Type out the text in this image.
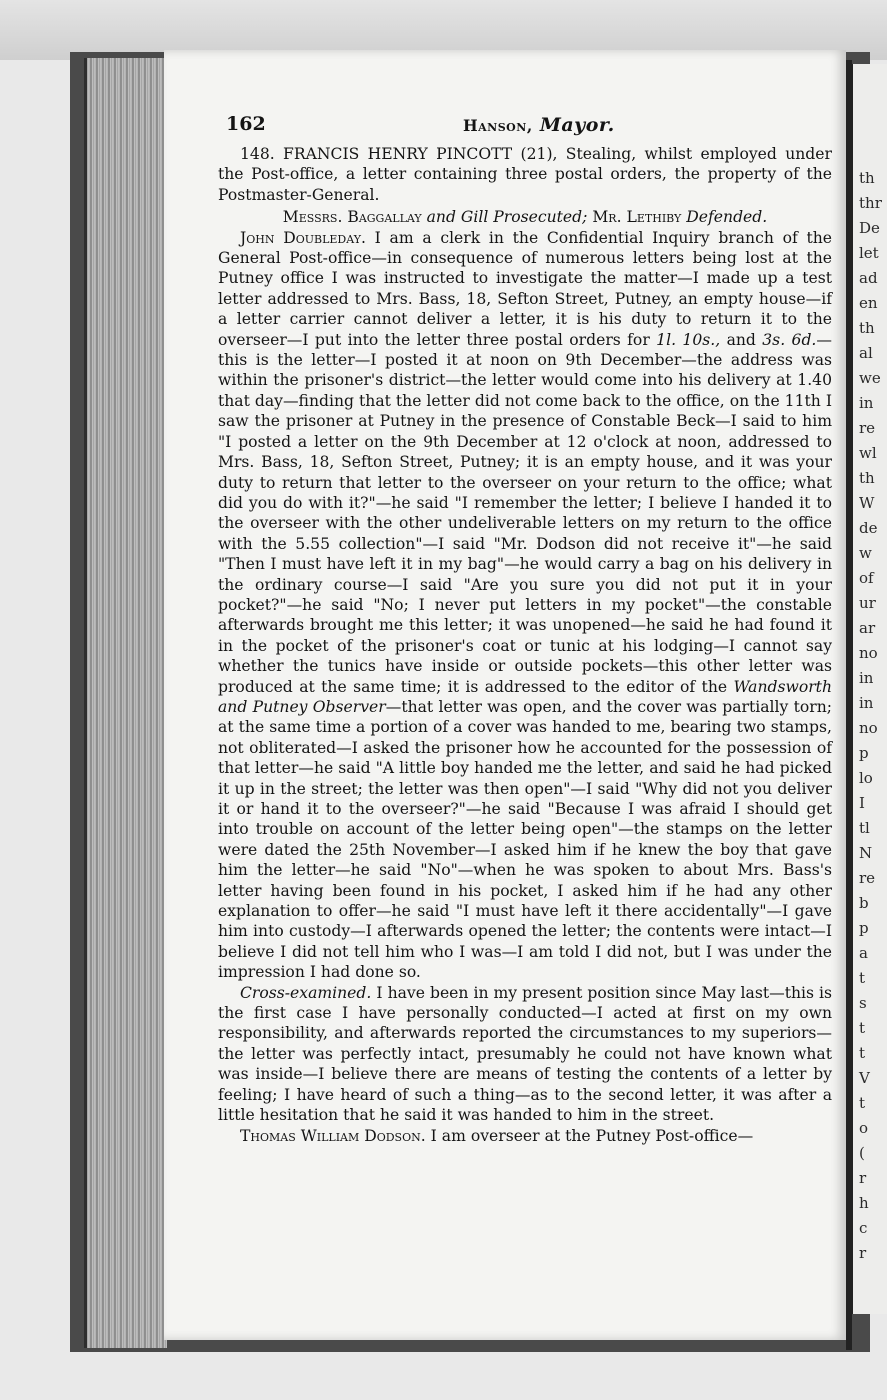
th
thr
De
let
ad
en
th
al
we
in
re
wl
th
W
de
w
of
ur
ar
no
in
in
no
p
lo
I
tl
N
re
b
p
a
t
s
t
t
V
t
o
(
r
h
c
r
162	Hanson, Mayor.

148. FRANCIS HENRY PINCOTT (21), Stealing, whilst employed under the Post-office, a letter containing three postal orders, the property of the Postmaster-General.

Messrs. Baggallay and Gill Prosecuted; Mr. Lethiby Defended.

John Doubleday. I am a clerk in the Confidential Inquiry branch of the General Post-office—in consequence of numerous letters being lost at the Putney office I was instructed to investigate the matter—I made up a test letter addressed to Mrs. Bass, 18, Sefton Street, Putney, an empty house—if a letter carrier cannot deliver a letter, it is his duty to return it to the overseer—I put into the letter three postal orders for 1l. 10s., and 3s. 6d.—this is the letter—I posted it at noon on 9th December—the address was within the prisoner's district—the letter would come into his delivery at 1.40 that day—finding that the letter did not come back to the office, on the 11th I saw the prisoner at Putney in the presence of Constable Beck—I said to him "I posted a letter on the 9th December at 12 o'clock at noon, addressed to Mrs. Bass, 18, Sefton Street, Putney; it is an empty house, and it was your duty to return that letter to the overseer on your return to the office; what did you do with it?"—he said "I remember the letter; I believe I handed it to the overseer with the other undeliverable letters on my return to the office with the 5.55 collection"—I said "Mr. Dodson did not receive it"—he said "Then I must have left it in my bag"—he would carry a bag on his delivery in the ordinary course—I said "Are you sure you did not put it in your pocket?"—he said "No; I never put letters in my pocket"—the constable afterwards brought me this letter; it was unopened—he said he had found it in the pocket of the prisoner's coat or tunic at his lodging—I cannot say whether the tunics have inside or outside pockets—this other letter was produced at the same time; it is addressed to the editor of the Wandsworth and Putney Observer—that letter was open, and the cover was partially torn; at the same time a portion of a cover was handed to me, bearing two stamps, not obliterated—I asked the prisoner how he accounted for the possession of that letter—he said "A little boy handed me the letter, and said he had picked it up in the street; the letter was then open"—I said "Why did not you deliver it or hand it to the overseer?"—he said "Because I was afraid I should get into trouble on account of the letter being open"—the stamps on the letter were dated the 25th November—I asked him if he knew the boy that gave him the letter—he said "No"—when he was spoken to about Mrs. Bass's letter having been found in his pocket, I asked him if he had any other explanation to offer—he said "I must have left it there accidentally"—I gave him into custody—I afterwards opened the letter; the contents were intact—I believe I did not tell him who I was—I am told I did not, but I was under the impression I had done so.

Cross-examined. I have been in my present position since May last—this is the first case I have personally conducted—I acted at first on my own responsibility, and afterwards reported the circumstances to my superiors—the letter was perfectly intact, presumably he could not have known what was inside—I believe there are means of testing the contents of a letter by feeling; I have heard of such a thing—as to the second letter, it was after a little hesitation that he said it was handed to him in the street.

Thomas William Dodson. I am overseer at the Putney Post-office—
